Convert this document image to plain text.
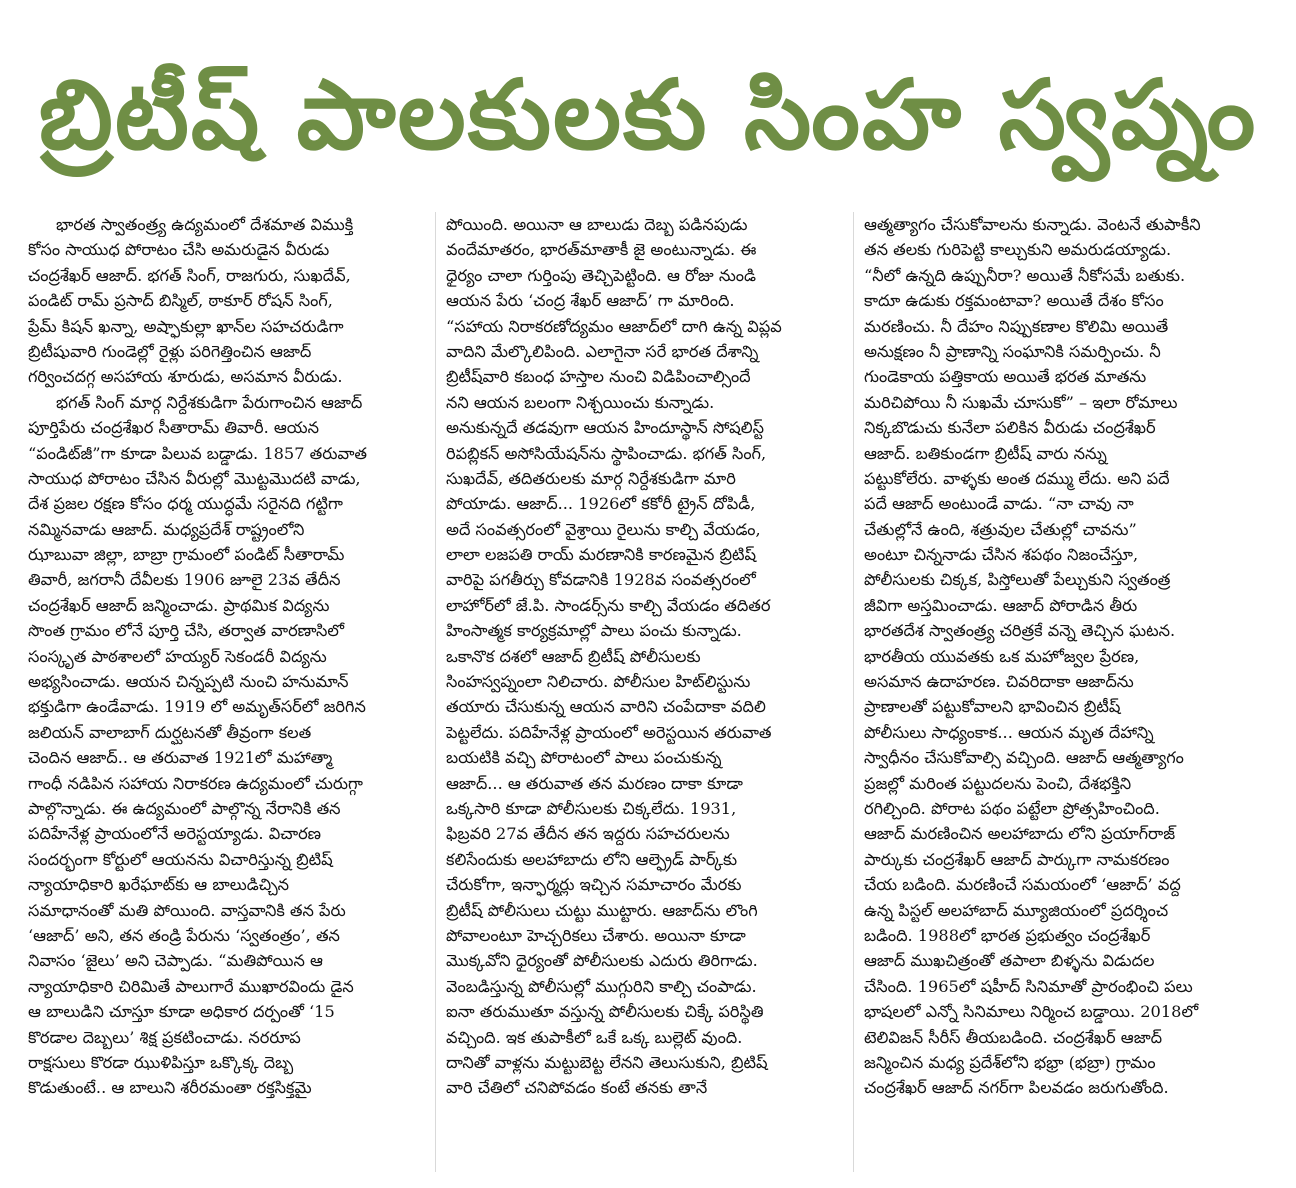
బ్రిటీష్ పాలకులకు సింహ స్వప్నం
భారత స్వాతంత్ర్య ఉద్యమంలో దేశమాత విముక్తి
కోసం సాయుధ పోరాటం చేసి అమరుడైన వీరుడు
చంద్రశేఖర్ ఆజాద్. భగత్ సింగ్, రాజగురు, సుఖదేవ్,
పండిట్ రామ్ ప్రసాద్ బిస్మిల్, ఠాకూర్ రోషన్ సింగ్,
ప్రేమ్ కిషన్ ఖన్నా, అష్ఫాకుల్లా ఖాన్‌ల సహచరుడిగా
బ్రిటీషువారి గుండెల్లో రైళ్లు పరిగెత్తించిన ఆజాద్
గర్వించదగ్గ అసహాయ శూరుడు, అసమాన వీరుడు.
భగత్ సింగ్ మార్గ నిర్దేశకుడిగా పేరుగాంచిన ఆజాద్
పూర్తిపేరు చంద్రశేఖర సీతారామ్ తివారీ. ఆయన
“పండిట్‌జీ”గా కూడా పిలువ బడ్డాడు. 1857 తరువాత
సాయుధ పోరాటం చేసిన వీరుల్లో మొట్టమొదటి వాడు,
దేశ ప్రజల రక్షణ కోసం ధర్మ యుద్ధమే సరైనది గట్టిగా
నమ్మినవాడు ఆజాద్. మధ్యప్రదేశ్ రాష్ట్రంలోని
ఝాబువా జిల్లా, బాబ్రా గ్రామంలో పండిట్ సీతారామ్
తివారీ, జగరానీ దేవీలకు 1906 జూలై 23వ తేదీన
చంద్రశేఖర్ ఆజాద్ జన్మించాడు. ప్రాథమిక విద్యను
సొంత గ్రామం లోనే పూర్తి చేసి, తర్వాత వారణాసిలో
సంస్కృత పాఠశాలలో హయ్యర్ సెకండరీ విద్యను
అభ్యసించాడు. ఆయన చిన్నప్పటి నుంచి హనుమాన్
భక్తుడిగా ఉండేవాడు. 1919 లో అమృత్‌సర్‌లో జరిగిన
జలియన్ వాలాబాగ్ దుర్ఘటనతో తీవ్రంగా కలత
చెందిన ఆజాద్.. ఆ తరువాత 1921లో మహాత్మా
గాంధీ నడిపిన సహాయ నిరాకరణ ఉద్యమంలో చురుగ్గా
పాల్గొన్నాడు. ఈ ఉద్యమంలో పాల్గొన్న నేరానికి తన
పదిహేనేళ్ల ప్రాయంలోనే అరెస్టయ్యాడు. విచారణ
సందర్భంగా కోర్టులో ఆయనను విచారిస్తున్న బ్రిటిష్
న్యాయాధికారి ఖరేఘాట్‌కు ఆ బాలుడిచ్చిన
సమాధానంతో మతి పోయింది. వాస్తవానికి తన పేరు
‘ఆజాద్’ అని, తన తండ్రి పేరును ‘స్వతంత్రం’, తన
నివాసం ‘జైలు’ అని చెప్పాడు. “మతిపోయిన ఆ
న్యాయాధికారి చిరిమితే పాలుగారే ముఖారవిందు డైన
ఆ బాలుడిని చూస్తూ కూడా అధికార దర్పంతో ‘15
కొరడాల దెబ్బలు’ శిక్ష ప్రకటించాడు. నరరూప
రాక్షసులు కొరడా ఝుళిపిస్తూ ఒక్కొక్క దెబ్బ
కొడుతుంటే.. ఆ బాలుని శరీరమంతా రక్తసిక్తమై
పోయింది. అయినా ఆ బాలుడు దెబ్బ పడినపుడు
వందేమాతరం, భారత్‌మాతాకీ జై అంటున్నాడు. ఈ
ధైర్యం చాలా గుర్తింపు తెచ్చిపెట్టింది. ఆ రోజు నుండి
ఆయన పేరు ‘చంద్ర శేఖర్ ఆజాద్’ గా మారింది.
“సహాయ నిరాకరణోద్యమం ఆజాద్‌లో దాగి ఉన్న విప్లవ
వాదిని మేల్కొలిపింది. ఎలాగైనా సరే భారత దేశాన్ని
బ్రిటీష్‌వారి కబంధ హస్తాల నుంచి విడిపించాల్సిందే
నని ఆయన బలంగా నిశ్చయించు కున్నాడు.
అనుకున్నదే తడవుగా ఆయన హిందూస్థాన్ సోషలిస్ట్
రిపబ్లికన్ అసోసియేషన్‌ను స్థాపించాడు. భగత్ సింగ్,
సుఖదేవ్, తదితరులకు మార్గ నిర్దేశకుడిగా మారి
పోయాడు. ఆజాద్... 1926లో కకోరీ ట్రైన్ దోపిడీ,
అదే సంవత్సరంలో వైశ్రాయి రైలును కాల్చి వేయడం,
లాలా లజపతి రాయ్ మరణానికి కారణమైన బ్రిటిష్
వారిపై పగతీర్చు కోవడానికి 1928వ సంవత్సరంలో
లాహోర్‌లో జే.పి. సాండర్స్‌ను కాల్చి వేయడం తదితర
హింసాత్మక కార్యక్రమాల్లో పాలు పంచు కున్నాడు.
ఒకానొక దశలో ఆజాద్ బ్రిటీష్ పోలీసులకు
సింహస్వప్నంలా నిలిచారు. పోలీసుల హిట్‌లిస్టును
తయారు చేసుకున్న ఆయన వారిని చంపేదాకా వదిలి
పెట్టలేదు. పదిహేనేళ్ల ప్రాయంలో అరెస్టయిన తరువాత
బయటికి వచ్చి పోరాటంలో పాలు పంచుకున్న
ఆజాద్... ఆ తరువాత తన మరణం దాకా కూడా
ఒక్కసారి కూడా పోలీసులకు చిక్కలేదు. 1931,
ఫిబ్రవరి 27వ తేదీన తన ఇద్దరు సహచరులను
కలిసేందుకు అలహాబాదు లోని ఆల్ఫ్రెడ్ పార్క్‌కు
చేరుకోగా, ఇన్ఫార్మర్లు ఇచ్చిన సమాచారం మేరకు
బ్రిటీష్ పోలీసులు చుట్టు ముట్టారు. ఆజాద్‌ను లొంగి
పోవాలంటూ హెచ్చరికలు చేశారు. అయినా కూడా
మొక్కవోని ధైర్యంతో పోలీసులకు ఎదురు తిరిగాడు.
వెంబడిస్తున్న పోలీసుల్లో ముగ్గురిని కాల్చి చంపాడు.
ఐనా తరుముతూ వస్తున్న పోలీసులకు చిక్కే పరిస్థితి
వచ్చింది. ఇక తుపాకీలో ఒకే ఒక్క బుల్లెట్ వుంది.
దానితో వాళ్లను మట్టుబెట్ట లేనని తెలుసుకుని, బ్రిటిష్
వారి చేతిలో చనిపోవడం కంటే తనకు తానే
ఆత్మత్యాగం చేసుకోవాలను కున్నాడు. వెంటనే తుపాకీని
తన తలకు గురిపెట్టి కాల్చుకుని అమరుడయ్యాడు.
“నీలో ఉన్నది ఉప్పునీరా? అయితే నీకోసమే బతుకు.
కాదూ ఉడుకు రక్తమంటావా? అయితే దేశం కోసం
మరణించు. నీ దేహం నిప్పుకణాల కొలిమి అయితే
అనుక్షణం నీ ప్రాణాన్ని సంఘానికి సమర్పించు. నీ
గుండెకాయ పత్తికాయ అయితే భరత మాతను
మరిచిపోయి నీ సుఖమే చూసుకో” – ఇలా రోమాలు
నిక్కబొడుచు కునేలా పలికిన వీరుడు చంద్రశేఖర్
ఆజాద్. బతికుండగా బ్రిటీష్ వారు నన్ను
పట్టుకోలేరు. వాళ్ళకు అంత దమ్ము లేదు. అని పదే
పదే ఆజాద్ అంటుండే వాడు. “నా చావు నా
చేతుల్లోనే ఉంది, శత్రువుల చేతుల్లో చావను”
అంటూ చిన్ననాడు చేసిన శపథం నిజంచేస్తూ,
పోలీసులకు చిక్కక, పిస్తోలుతో పేల్చుకుని స్వతంత్ర
జీవిగా అస్తమించాడు. ఆజాద్ పోరాడిన తీరు
భారతదేశ స్వాతంత్ర్య చరిత్రకే వన్నె తెచ్చిన ఘటన.
భారతీయ యువతకు ఒక మహోజ్వల ప్రేరణ,
అసమాన ఉదాహరణ. చివరిదాకా ఆజాద్‌ను
ప్రాణాలతో పట్టుకోవాలని భావించిన బ్రిటీష్
పోలీసులు సాధ్యంకాక... ఆయన మృత దేహాన్ని
స్వాధీనం చేసుకోవాల్సి వచ్చింది. ఆజాద్ ఆత్మత్యాగం
ప్రజల్లో మరింత పట్టుదలను పెంచి, దేశభక్తిని
రగిల్చింది. పోరాట పథం పట్టేలా ప్రోత్సహించింది.
ఆజాద్ మరణించిన అలహాబాదు లోని ప్రయాగ్‌రాజ్
పార్కుకు చంద్రశేఖర్ ఆజాద్ పార్కుగా నామకరణం
చేయ బడింది. మరణించే సమయంలో ‘ఆజాద్’ వద్ద
ఉన్న పిస్టల్ అలహాబాద్ మ్యూజియంలో ప్రదర్శించ
బడింది. 1988లో భారత ప్రభుత్వం చంద్రశేఖర్
ఆజాద్ ముఖచిత్రంతో తపాలా బిళ్ళను విడుదల
చేసింది. 1965లో షహీద్ సినిమాతో ప్రారంభించి పలు
భాషలలో ఎన్నో సినిమాలు నిర్మించ బడ్డాయి. 2018లో
టెలివిజన్ సీరీస్ తీయబడింది. చంద్రశేఖర్ ఆజాద్
జన్మించిన మధ్య ప్రదేశ్‌లోని భభ్రా (భబ్రా) గ్రామం
చంద్రశేఖర్ ఆజాద్ నగర్‌గా పిలవడం జరుగుతోంది.
